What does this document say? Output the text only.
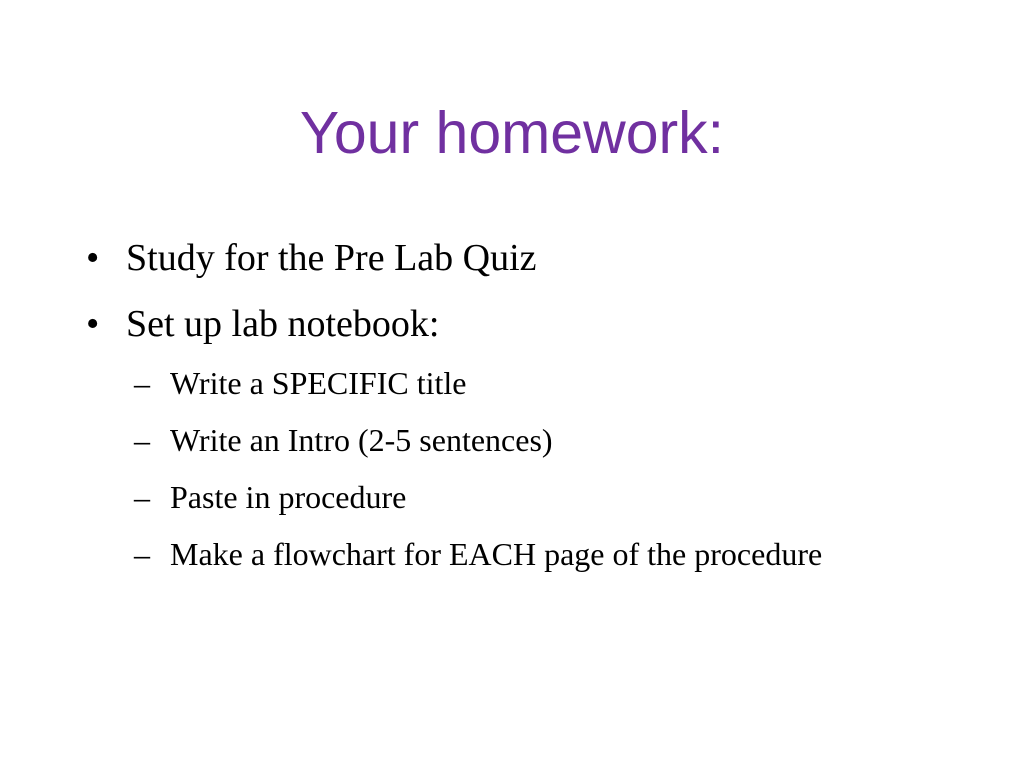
Your homework:
• Study for the Pre Lab Quiz
• Set up lab notebook:
– Write a SPECIFIC title
– Write an Intro (2-5 sentences)
– Paste in procedure
– Make a flowchart for EACH page of the procedure
